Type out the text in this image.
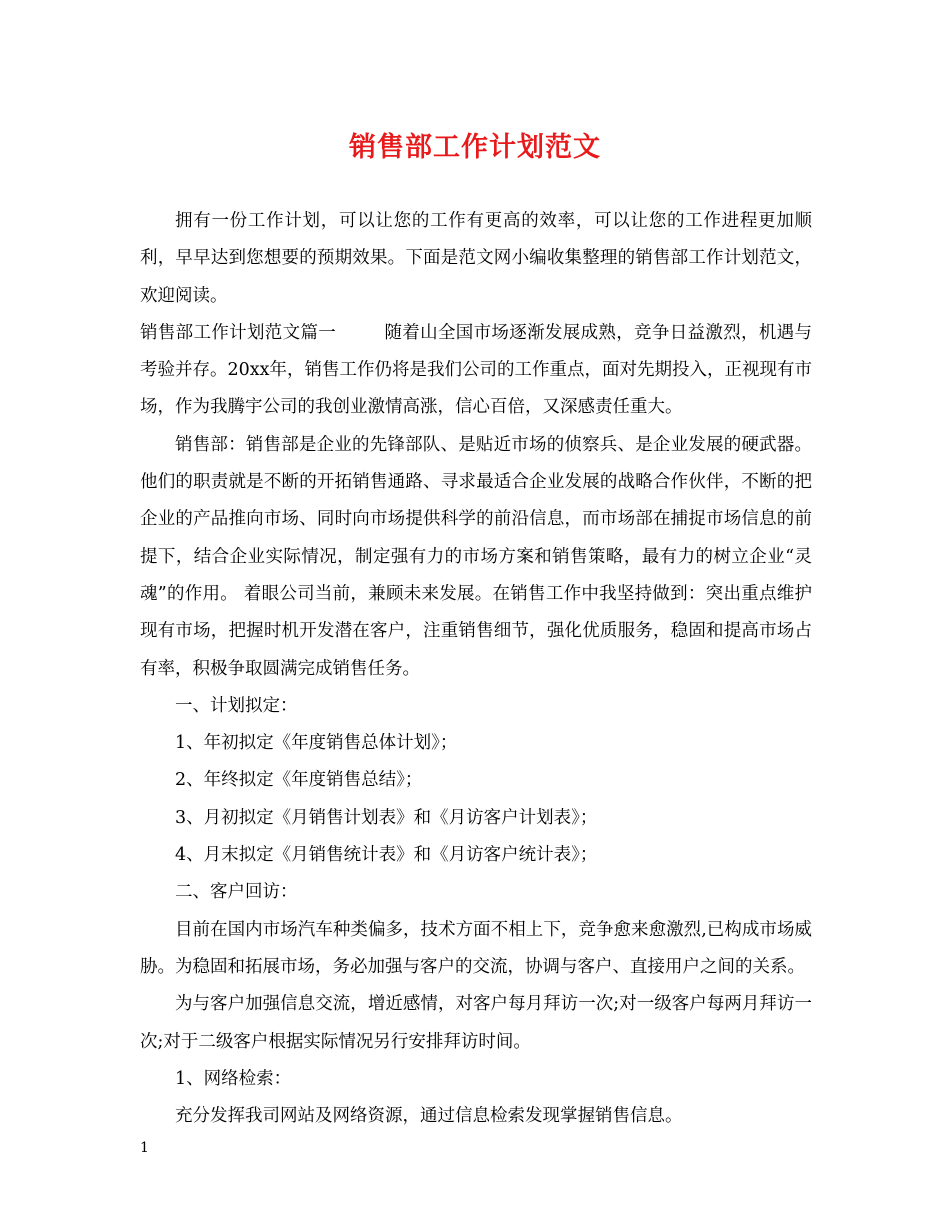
销售部工作计划范文

拥有一份工作计划，可以让您的工作有更高的效率，可以让您的工作进程更加顺利，早早达到您想要的预期效果。下面是范文网小编收集整理的销售部工作计划范文，欢迎阅读。

销售部工作计划范文篇一	随着山全国市场逐渐发展成熟，竞争日益激烈，机遇与考验并存。20xx年，销售工作仍将是我们公司的工作重点，面对先期投入，正视现有市场，作为我腾宇公司的我创业激情高涨，信心百倍，又深感责任重大。

销售部：销售部是企业的先锋部队、是贴近市场的侦察兵、是企业发展的硬武器。他们的职责就是不断的开拓销售通路、寻求最适合企业发展的战略合作伙伴，不断的把企业的产品推向市场、同时向市场提供科学的前沿信息，而市场部在捕捉市场信息的前提下，结合企业实际情况，制定强有力的市场方案和销售策略，最有力的树立企业“灵魂”的作用。 着眼公司当前，兼顾未来发展。在销售工作中我坚持做到：突出重点维护现有市场，把握时机开发潜在客户，注重销售细节，强化优质服务，稳固和提高市场占有率，积极争取圆满完成销售任务。

一、计划拟定：

1、年初拟定《年度销售总体计划》；

2、年终拟定《年度销售总结》；

3、月初拟定《月销售计划表》和《月访客户计划表》；

4、月末拟定《月销售统计表》和《月访客户统计表》；

二、客户回访：

目前在国内市场汽车种类偏多，技术方面不相上下，竞争愈来愈激烈,已构成市场威胁。为稳固和拓展市场，务必加强与客户的交流，协调与客户、直接用户之间的关系。

为与客户加强信息交流，增近感情，对客户每月拜访一次;对一级客户每两月拜访一次;对于二级客户根据实际情况另行安排拜访时间。

1、网络检索：

充分发挥我司网站及网络资源，通过信息检索发现掌握销售信息。

1
